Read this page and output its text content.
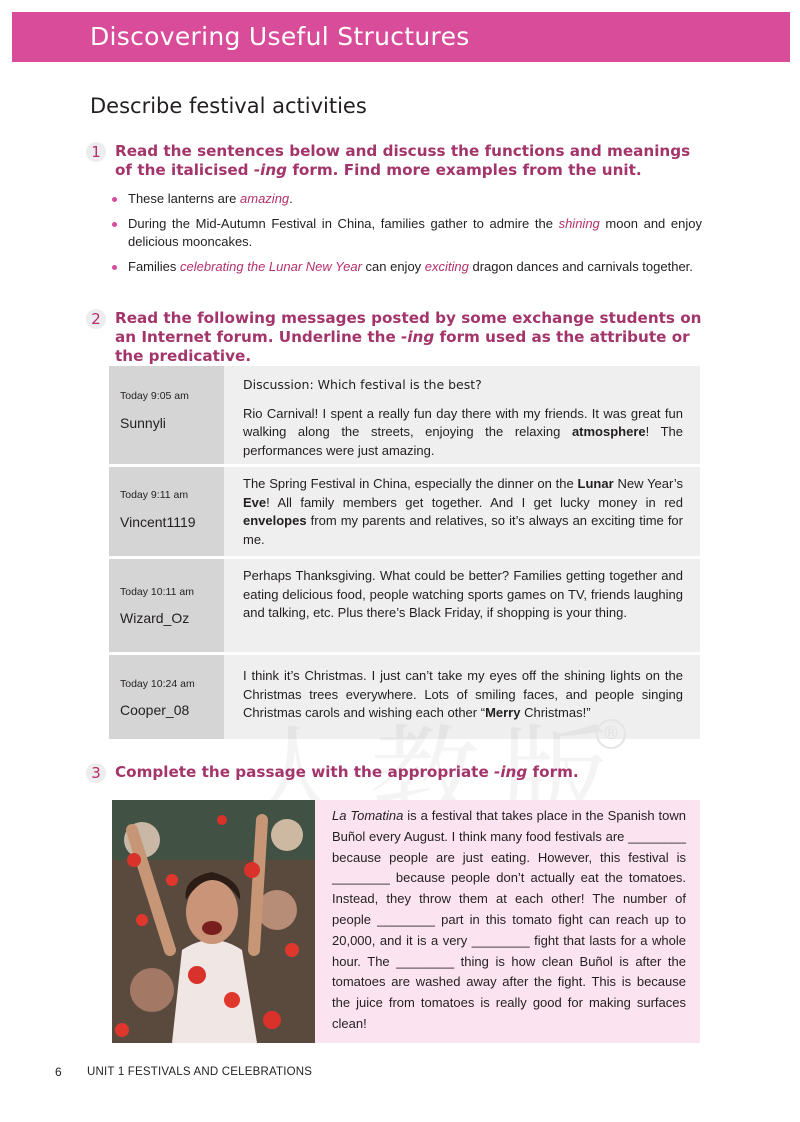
Discovering Useful Structures
Describe festival activities
1 Read the sentences below and discuss the functions and meanings of the italicised -ing form. Find more examples from the unit.

These lanterns are amazing.
During the Mid-Autumn Festival in China, families gather to admire the shining moon and enjoy delicious mooncakes.
Families celebrating the Lunar New Year can enjoy exciting dragon dances and carnivals together.
2 Read the following messages posted by some exchange students on an Internet forum. Underline the -ing form used as the attribute or the predicative.

Today 9:05 am
Sunnyli
Discussion: Which festival is the best?
Rio Carnival! I spent a really fun day there with my friends. It was great fun walking along the streets, enjoying the relaxing atmosphere! The performances were just amazing.
Today 9:11 am
Vincent1119
The Spring Festival in China, especially the dinner on the Lunar New Year’s Eve! All family members get together. And I get lucky money in red envelopes from my parents and relatives, so it’s always an exciting time for me.
Today 10:11 am
Wizard_Oz
Perhaps Thanksgiving. What could be better? Families getting together and eating delicious food, people watching sports games on TV, friends laughing and talking, etc. Plus there’s Black Friday, if shopping is your thing.
Today 10:24 am
Cooper_08
I think it’s Christmas. I just can’t take my eyes off the shining lights on the Christmas trees everywhere. Lots of smiling faces, and people singing Christmas carols and wishing each other “Merry Christmas!”
®
3 Complete the passage with the appropriate -ing form.

La Tomatina is a festival that takes place in the Spanish town Buñol every August. I think many food festivals are ________ because people are just eating. However, this festival is ________ because people don’t actually eat the tomatoes. Instead, they throw them at each other! The number of people ________ part in this tomato fight can reach up to 20,000, and it is a very ________ fight that lasts for a whole hour. The ________ thing is how clean Buñol is after the tomatoes are washed away after the fight. This is because the juice from tomatoes is really good for making surfaces clean!

6 UNIT 1 FESTIVALS AND CELEBRATIONS
